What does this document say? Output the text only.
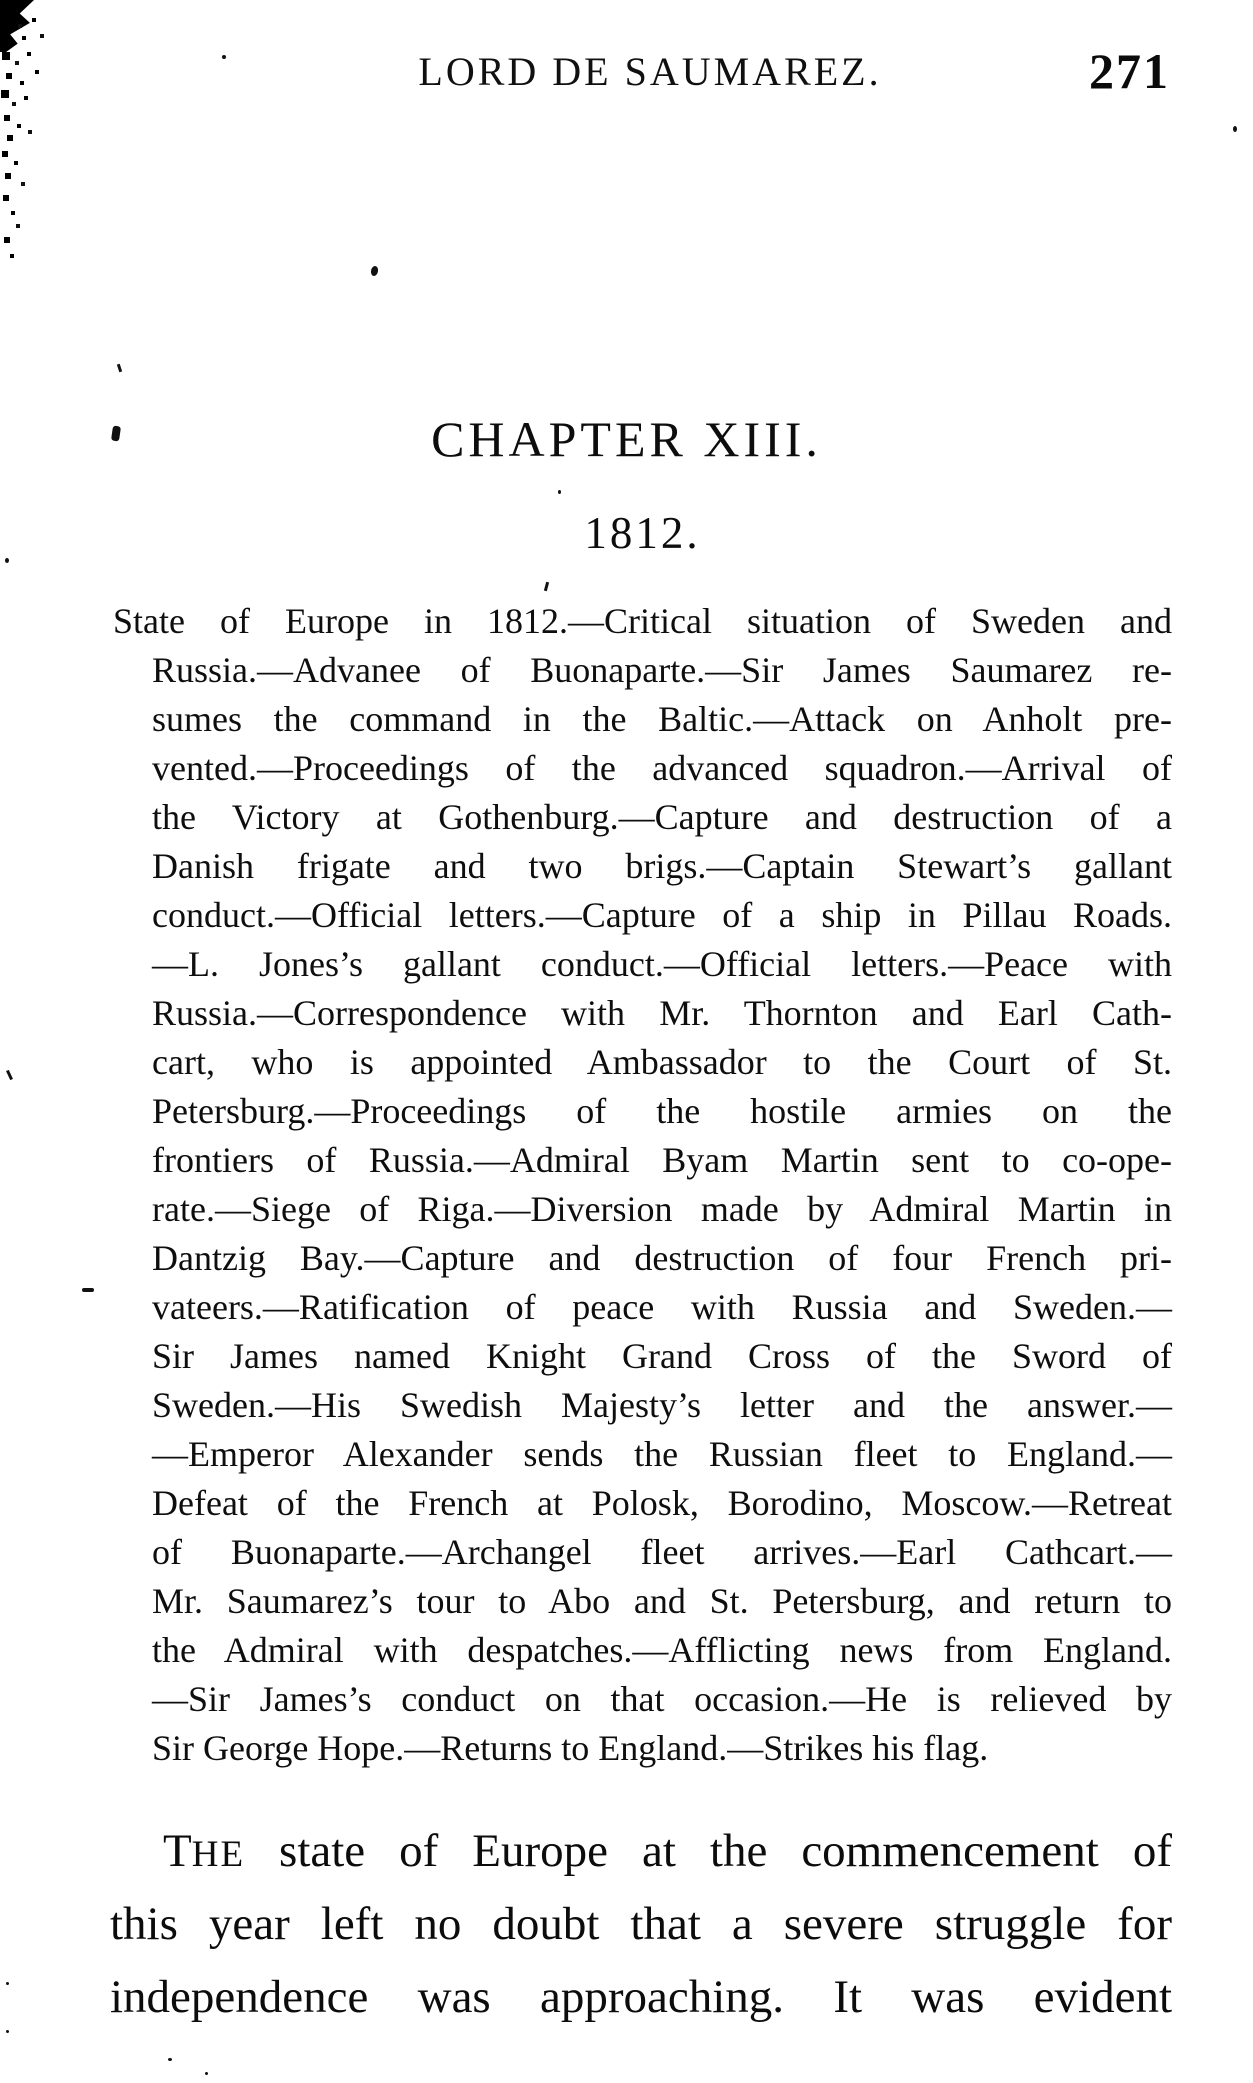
LORD DE SAUMAREZ.	271
CHAPTER XIII.
1812.
State of Europe in 1812.—Critical situation of Sweden and
Russia.—Advanee of Buonaparte.—Sir James Saumarez re-
sumes the command in the Baltic.—Attack on Anholt pre-
vented.—Proceedings of the advanced squadron.—Arrival of
the Victory at Gothenburg.—Capture and destruction of a
Danish frigate and two brigs.—Captain Stewart’s gallant
conduct.—Official letters.—Capture of a ship in Pillau Roads.
—L. Jones’s gallant conduct.—Official letters.—Peace with
Russia.—Correspondence with Mr. Thornton and Earl Cath-
cart, who is appointed Ambassador to the Court of St.
Petersburg.—Proceedings of the hostile armies on the
frontiers of Russia.—Admiral Byam Martin sent to co-ope-
rate.—Siege of Riga.—Diversion made by Admiral Martin in
Dantzig Bay.—Capture and destruction of four French pri-
vateers.—Ratification of peace with Russia and Sweden.—
Sir James named Knight Grand Cross of the Sword of
Sweden.—His Swedish Majesty’s letter and the answer.—
—Emperor Alexander sends the Russian fleet to England.—
Defeat of the French at Polosk, Borodino, Moscow.—Retreat
of Buonaparte.—Archangel fleet arrives.—Earl Cathcart.—
Mr. Saumarez’s tour to Abo and St. Petersburg, and return to
the Admiral with despatches.—Afflicting news from England.
—Sir James’s conduct on that occasion.—He is relieved by
Sir George Hope.—Returns to England.—Strikes his flag.
THE state of Europe at the commencement of
this year left no doubt that a severe struggle for
independence was approaching. It was evident
